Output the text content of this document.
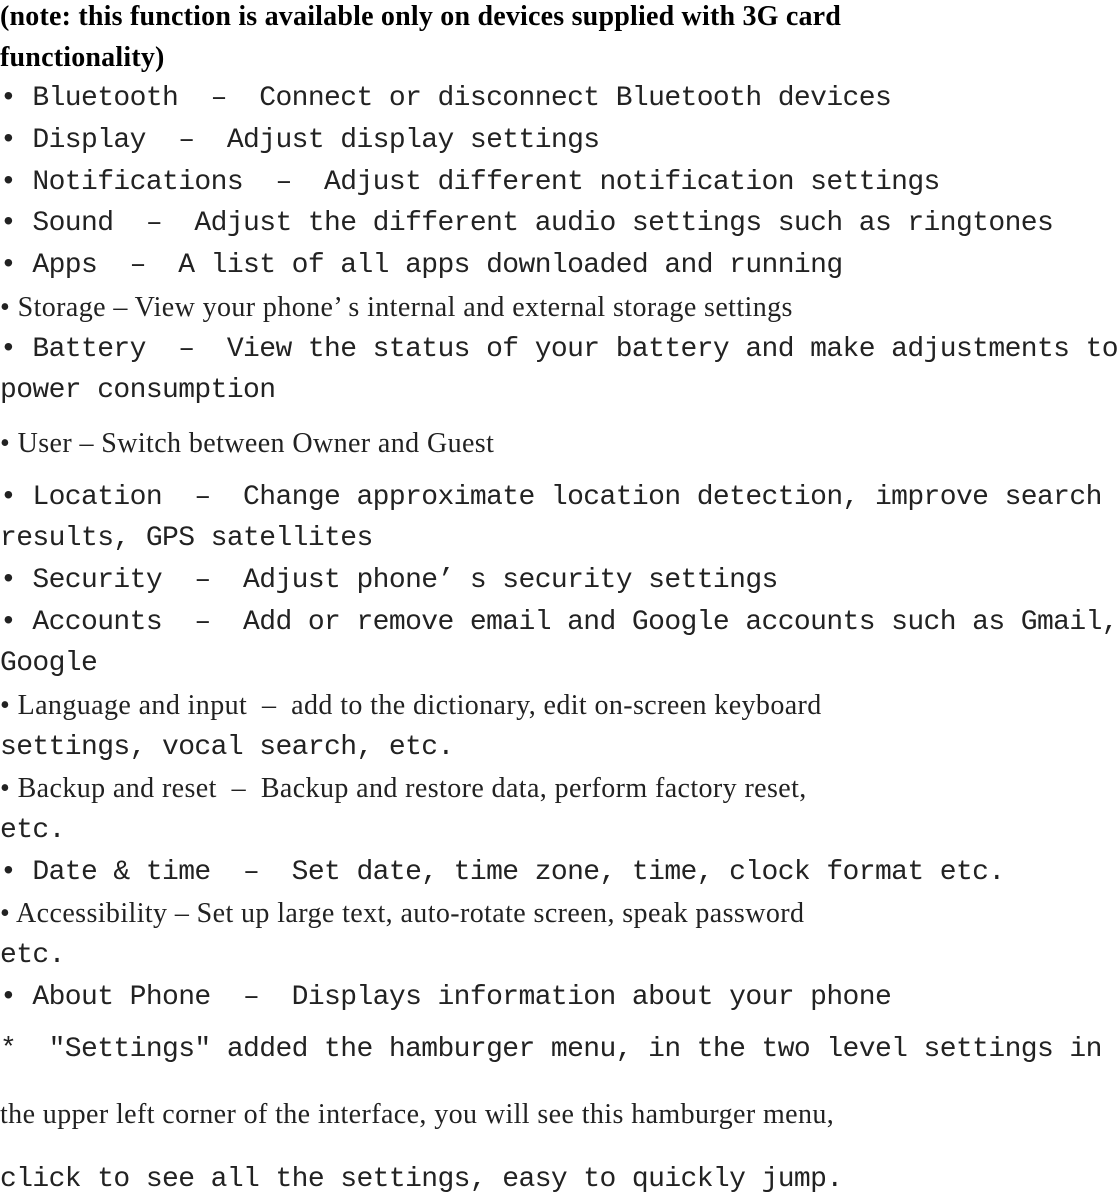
(note: this function is available only on devices supplied with 3G card
functionality)
• Bluetooth  –  Connect or disconnect Bluetooth devices
• Display  –  Adjust display settings
• Notifications  –  Adjust different notification settings
• Sound  –  Adjust the different audio settings such as ringtones
• Apps  –  A list of all apps downloaded and running
• Storage – View your phone’ s internal and external storage settings
• Battery  –  View the status of your battery and make adjustments to
power consumption
• User – Switch between Owner and Guest
• Location  –  Change approximate location detection, improve search
results, GPS satellites
• Security  –  Adjust phone’ s security settings
• Accounts  –  Add or remove email and Google accounts such as Gmail,
Google
• Language and input  –  add to the dictionary, edit on-screen keyboard
settings, vocal search, etc.
• Backup and reset  –  Backup and restore data, perform factory reset,
etc.
• Date & time  –  Set date, time zone, time, clock format etc.
• Accessibility – Set up large text, auto-rotate screen, speak password
etc.
• About Phone  –  Displays information about your phone
*  ″Settings″ added the hamburger menu, in the two level settings in
the upper left corner of the interface, you will see this hamburger menu,
click to see all the settings, easy to quickly jump.
